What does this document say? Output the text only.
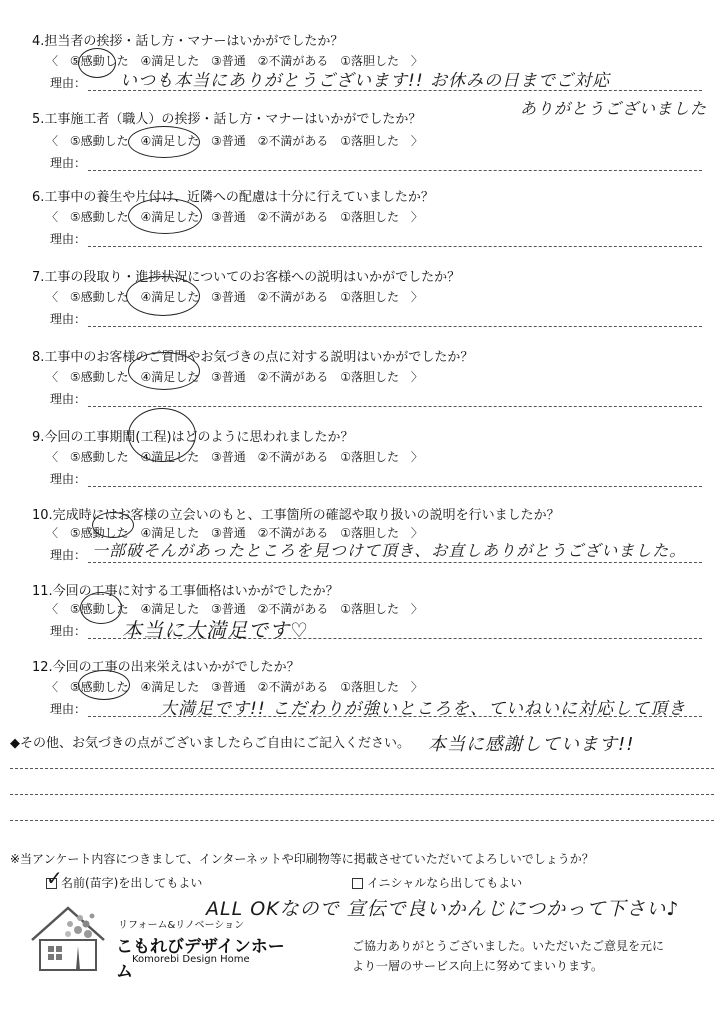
4.担当者の挨拶・話し方・マナーはいかがでしたか？
〈 ⑤感動した ④満足した ③普通 ②不満がある ①落胆した 〉
理由： いつも本当にありがとうございます!! お休みの日までご対応
ありがとうございました
5.工事施工者（職人）の挨拶・話し方・マナーはいかがでしたか？
〈 ⑤感動した ④満足した ③普通 ②不満がある ①落胆した 〉
理由：
6.工事中の養生や片付け、近隣への配慮は十分に行えていましたか？
〈 ⑤感動した ④満足した ③普通 ②不満がある ①落胆した 〉
理由：
7.工事の段取り・進捗状況についてのお客様への説明はいかがでしたか？
〈 ⑤感動した ④満足した ③普通 ②不満がある ①落胆した 〉
理由：
8.工事中のお客様のご質問やお気づきの点に対する説明はいかがでしたか？
〈 ⑤感動した ④満足した ③普通 ②不満がある ①落胆した 〉
理由：
9.今回の工事期間(工程)はどのように思われましたか？
〈 ⑤感動した ④満足した ③普通 ②不満がある ①落胆した 〉
理由：
10.完成時にはお客様の立会いのもと、工事箇所の確認や取り扱いの説明を行いましたか？
〈 ⑤感動した ④満足した ③普通 ②不満がある ①落胆した 〉
理由： 一部破そんがあったところを見つけて頂き、お直しありがとうございました。
11.今回の工事に対する工事価格はいかがでしたか？
〈 ⑤感動した ④満足した ③普通 ②不満がある ①落胆した 〉
理由： 本当に大満足です♡
12.今回の工事の出来栄えはいかがでしたか？
〈 ⑤感動した ④満足した ③普通 ②不満がある ①落胆した 〉
理由：	大満足です!! こだわりが強いところを、ていねいに対応して頂き
◆その他、お気づきの点がございましたらご自由にご記入ください。 本当に感謝しています!!
※当アンケート内容につきまして、インターネットや印刷物等に掲載させていただいてよろしいでしょうか？
名前(苗字)を出してもよい
✓	イニシャルなら出してもよい
ALL OKなので 宣伝で良いかんじにつかって下さい♪
リフォーム&リノベーション
こもれびデザインホーム
Komorebi Design Home
ご協力ありがとうございました。いただいたご意見を元に
より一層のサービス向上に努めてまいります。
